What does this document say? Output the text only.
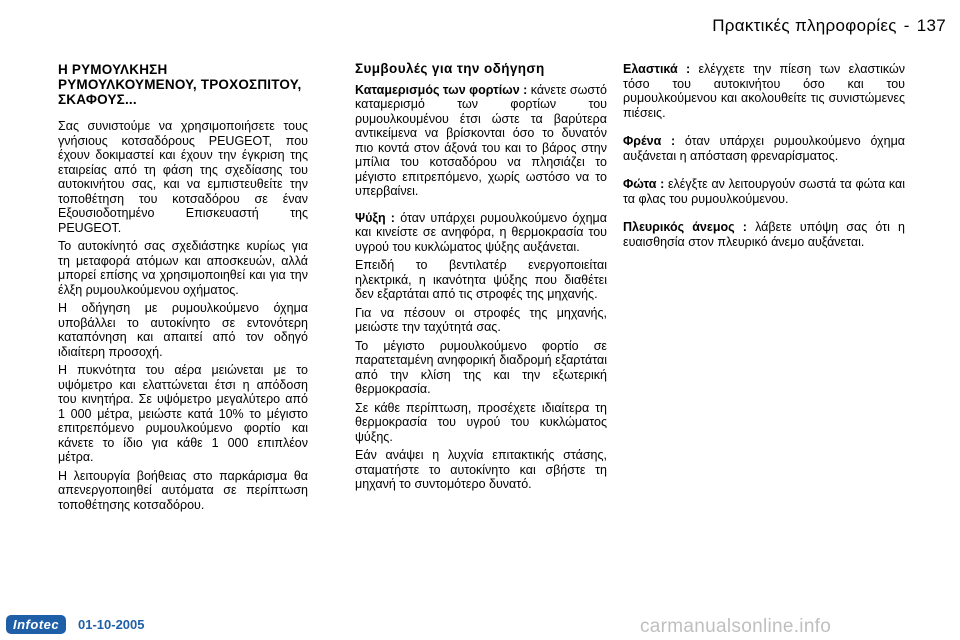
Πρακτικές πληροφορίες - 137
Η ΡΥΜΟΥΛΚΗΣΗ ΡΥΜΟΥΛΚΟΥΜΕΝΟΥ, ΤΡΟΧΟΣΠΙΤΟΥ, ΣΚΑΦΟΥΣ...

Σας συνιστούμε να χρησιμοποιήσετε τους γνήσιους κοτσαδόρους PEUGEOT, που έχουν δοκιμαστεί και έχουν την έγκριση της εταιρείας από τη φάση της σχεδίασης του αυτοκινήτου σας, και να εμπιστευθείτε την τοποθέτηση του κοτσαδόρου σε έναν Εξουσιοδοτημένο Επισκευαστή της PEUGEOT.

Το αυτοκίνητό σας σχεδιάστηκε κυρίως για τη μεταφορά ατόμων και αποσκευών, αλλά μπορεί επίσης να χρησιμοποιηθεί και για την έλξη ρυμουλκούμενου οχήματος.

Η οδήγηση με ρυμουλκούμενο όχημα υποβάλλει το αυτοκίνητο σε εντονότερη καταπόνηση και απαιτεί από τον οδηγό ιδιαίτερη προσοχή.

Η πυκνότητα του αέρα μειώνεται με το υψόμετρο και ελαττώνεται έτσι η απόδοση του κινητήρα. Σε υψόμετρο μεγαλύτερο από 1 000 μέτρα, μειώστε κατά 10% το μέγιστο επιτρεπόμενο ρυμουλκούμενο φορτίο και κάνετε το ίδιο για κάθε 1 000 επιπλέον μέτρα.

Η λειτουργία βοήθειας στο παρκάρισμα θα απενεργοποιηθεί αυτόματα σε περίπτωση τοποθέτησης κοτσαδόρου.

Συμβουλές για την οδήγηση

Καταμερισμός των φορτίων : κάνετε σωστό καταμερισμό των φορτίων του ρυμουλκουμένου έτσι ώστε τα βαρύτερα αντικείμενα να βρίσκονται όσο το δυνατόν πιο κοντά στον άξονά του και το βάρος στην μπίλια του κοτσαδόρου να πλησιάζει το μέγιστο επιτρεπόμενο, χωρίς ωστόσο να το υπερβαίνει.

Ψύξη : όταν υπάρχει ρυμουλκούμενο όχημα και κινείστε σε ανηφόρα, η θερμοκρασία του υγρού του κυκλώματος ψύξης αυξάνεται.

Επειδή το βεντιλατέρ ενεργοποιείται ηλεκτρικά, η ικανότητα ψύξης που διαθέτει δεν εξαρτάται από τις στροφές της μηχανής.

Για να πέσουν οι στροφές της μηχανής, μειώστε την ταχύτητά σας.

Το μέγιστο ρυμουλκούμενο φορτίο σε παρατεταμένη ανηφορική διαδρομή εξαρτάται από την κλίση της και την εξωτερική θερμοκρασία.

Σε κάθε περίπτωση, προσέχετε ιδιαίτερα τη θερμοκρασία του υγρού του κυκλώματος ψύξης.

Εάν ανάψει η λυχνία επιτακτικής στάσης, σταματήστε το αυτοκίνητο και σβήστε τη μηχανή το συντομότερο δυνατό.

Ελαστικά : ελέγχετε την πίεση των ελαστικών τόσο του αυτοκινήτου όσο και του ρυμουλκούμενου και ακολουθείτε τις συνιστώμενες πιέσεις.

Φρένα : όταν υπάρχει ρυμουλκούμενο όχημα αυξάνεται η απόσταση φρεναρίσματος.

Φώτα : ελέγξτε αν λειτουργούν σωστά τα φώτα και τα φλας του ρυμουλκούμενου.

Πλευρικός άνεμος : λάβετε υπόψη σας ότι η ευαισθησία στον πλευρικό άνεμο αυξάνεται.

Infotec	01-10-2005	carmanualsonline.info
